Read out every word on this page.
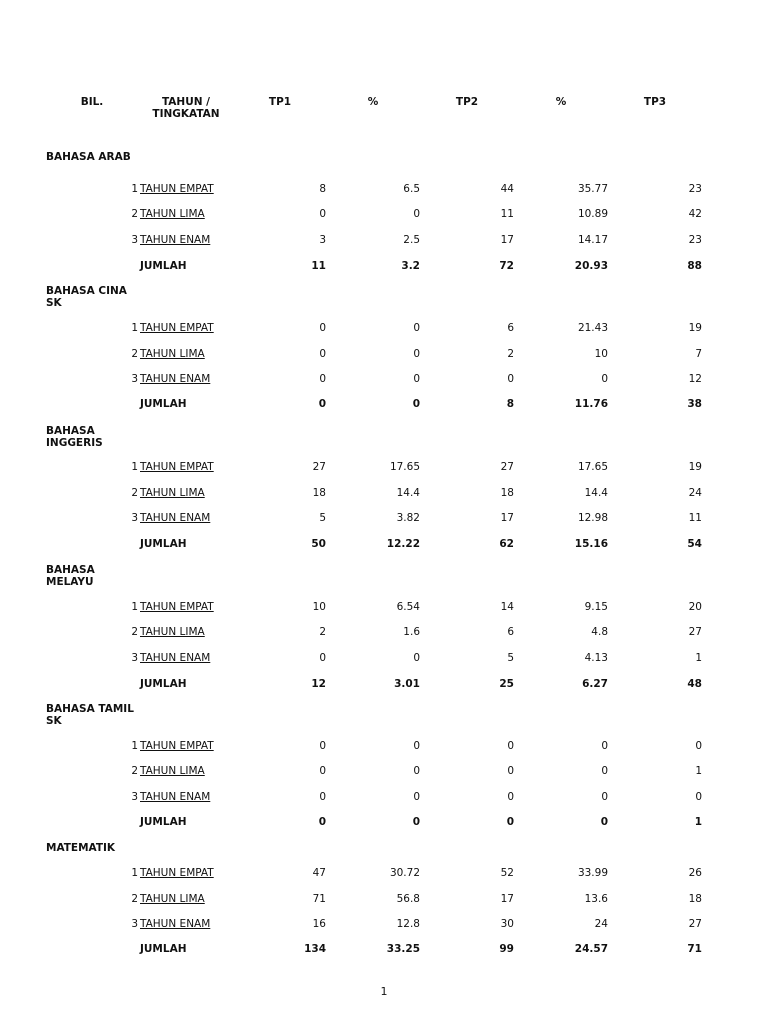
BIL.	TAHUN / TINGKATAN
TP1	%	TP2	%	TP3
BAHASA ARAB
1 TAHUN EMPAT	8	6.5	44	35.77	23
2 TAHUN LIMA	0	0	11	10.89	42
3 TAHUN ENAM	3	2.5	17	14.17	23
JUMLAH	11	3.2	72	20.93	88
BAHASA CINA SK
1 TAHUN EMPAT	0	0	6	21.43	19
2 TAHUN LIMA	0	0	2	10	7
3 TAHUN ENAM	0	0	0	0	12
JUMLAH	0	0	8	11.76	38
BAHASA INGGERIS
1 TAHUN EMPAT	27	17.65	27	17.65	19
2 TAHUN LIMA	18	14.4	18	14.4	24
3 TAHUN ENAM	5	3.82	17	12.98	11
JUMLAH	50	12.22	62	15.16	54
BAHASA MELAYU
1 TAHUN EMPAT	10	6.54	14	9.15	20
2 TAHUN LIMA	2	1.6	6	4.8	27
3 TAHUN ENAM	0	0	5	4.13	1
JUMLAH	12	3.01	25	6.27	48
BAHASA TAMIL SK
1 TAHUN EMPAT	0	0	0	0	0
2 TAHUN LIMA	0	0	0	0	1
3 TAHUN ENAM	0	0	0	0	0
JUMLAH	0	0	0	0	1
MATEMATIK
1 TAHUN EMPAT	47	30.72	52	33.99	26
2 TAHUN LIMA	71	56.8	17	13.6	18
3 TAHUN ENAM	16	12.8	30	24	27
JUMLAH	134	33.25	99	24.57	71
1
